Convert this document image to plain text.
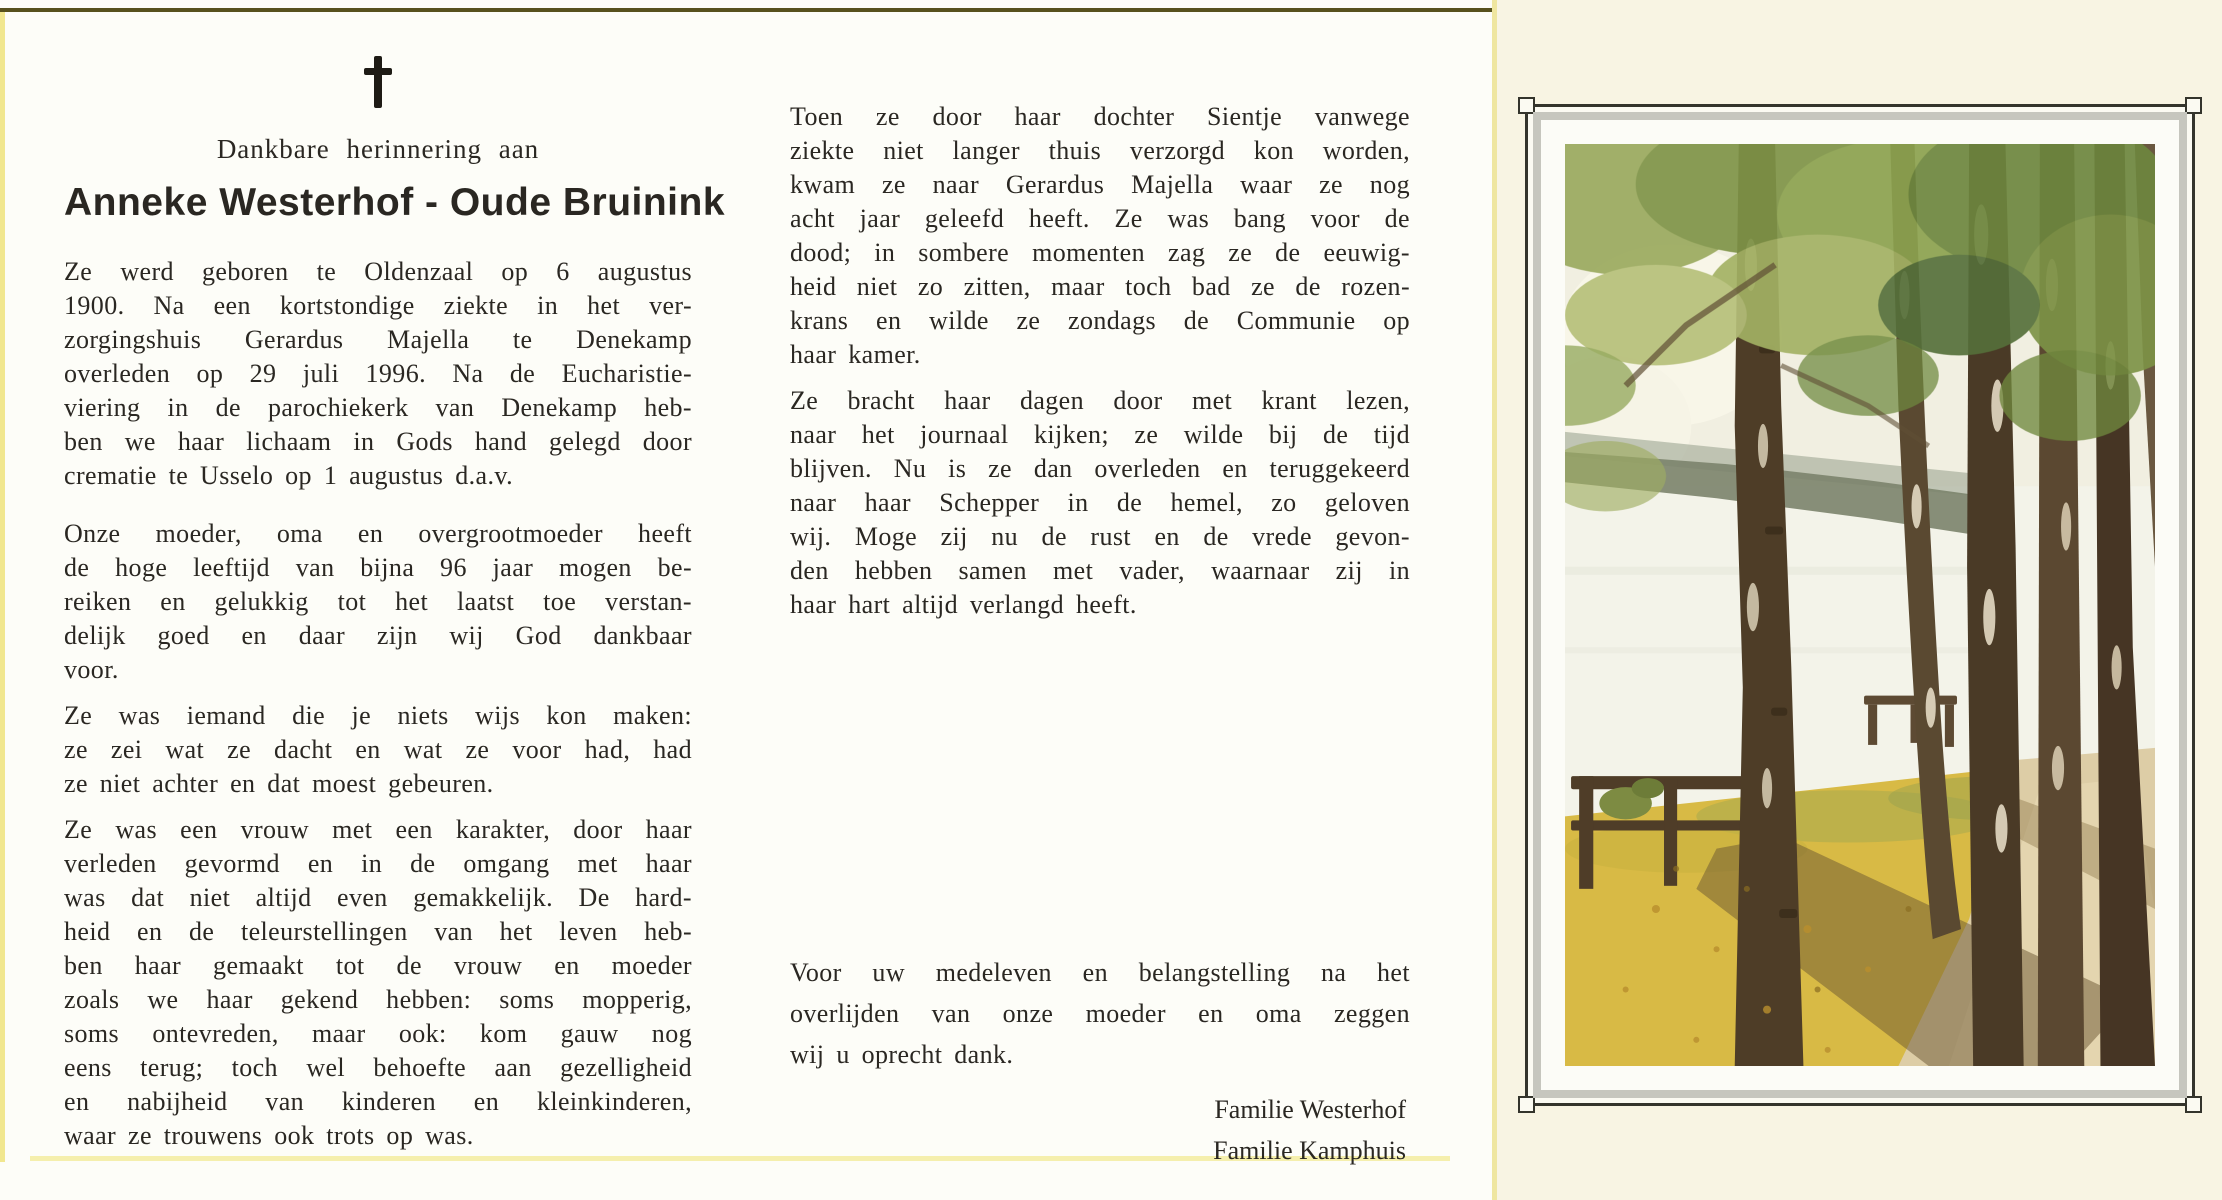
Dankbare herinnering aan
Anneke Westerhof - Oude Bruinink
Ze werd geboren te Oldenzaal op 6 augustus
1900. Na een kortstondige ziekte in het ver-
zorgingshuis Gerardus Majella te Denekamp
overleden op 29 juli 1996. Na de Eucharistie-
viering in de parochiekerk van Denekamp heb-
ben we haar lichaam in Gods hand gelegd door
crematie te Usselo op 1 augustus d.a.v.
Onze moeder, oma en overgrootmoeder heeft
de hoge leeftijd van bijna 96 jaar mogen be-
reiken en gelukkig tot het laatst toe verstan-
delijk goed en daar zijn wij God dankbaar
voor.
Ze was iemand die je niets wijs kon maken:
ze zei wat ze dacht en wat ze voor had, had
ze niet achter en dat moest gebeuren.
Ze was een vrouw met een karakter, door haar
verleden gevormd en in de omgang met haar
was dat niet altijd even gemakkelijk. De hard-
heid en de teleurstellingen van het leven heb-
ben haar gemaakt tot de vrouw en moeder
zoals we haar gekend hebben: soms mopperig,
soms ontevreden, maar ook: kom gauw nog
eens terug; toch wel behoefte aan gezelligheid
en nabijheid van kinderen en kleinkinderen,
waar ze trouwens ook trots op was.
Toen ze door haar dochter Sientje vanwege
ziekte niet langer thuis verzorgd kon worden,
kwam ze naar Gerardus Majella waar ze nog
acht jaar geleefd heeft. Ze was bang voor de
dood; in sombere momenten zag ze de eeuwig-
heid niet zo zitten, maar toch bad ze de rozen-
krans en wilde ze zondags de Communie op
haar kamer.
Ze bracht haar dagen door met krant lezen,
naar het journaal kijken; ze wilde bij de tijd
blijven. Nu is ze dan overleden en teruggekeerd
naar haar Schepper in de hemel, zo geloven
wij. Moge zij nu de rust en de vrede gevon-
den hebben samen met vader, waarnaar zij in
haar hart altijd verlangd heeft.
Voor uw medeleven en belangstelling na het
overlijden van onze moeder en oma zeggen
wij u oprecht dank.
Familie Westerhof
Familie Kamphuis
